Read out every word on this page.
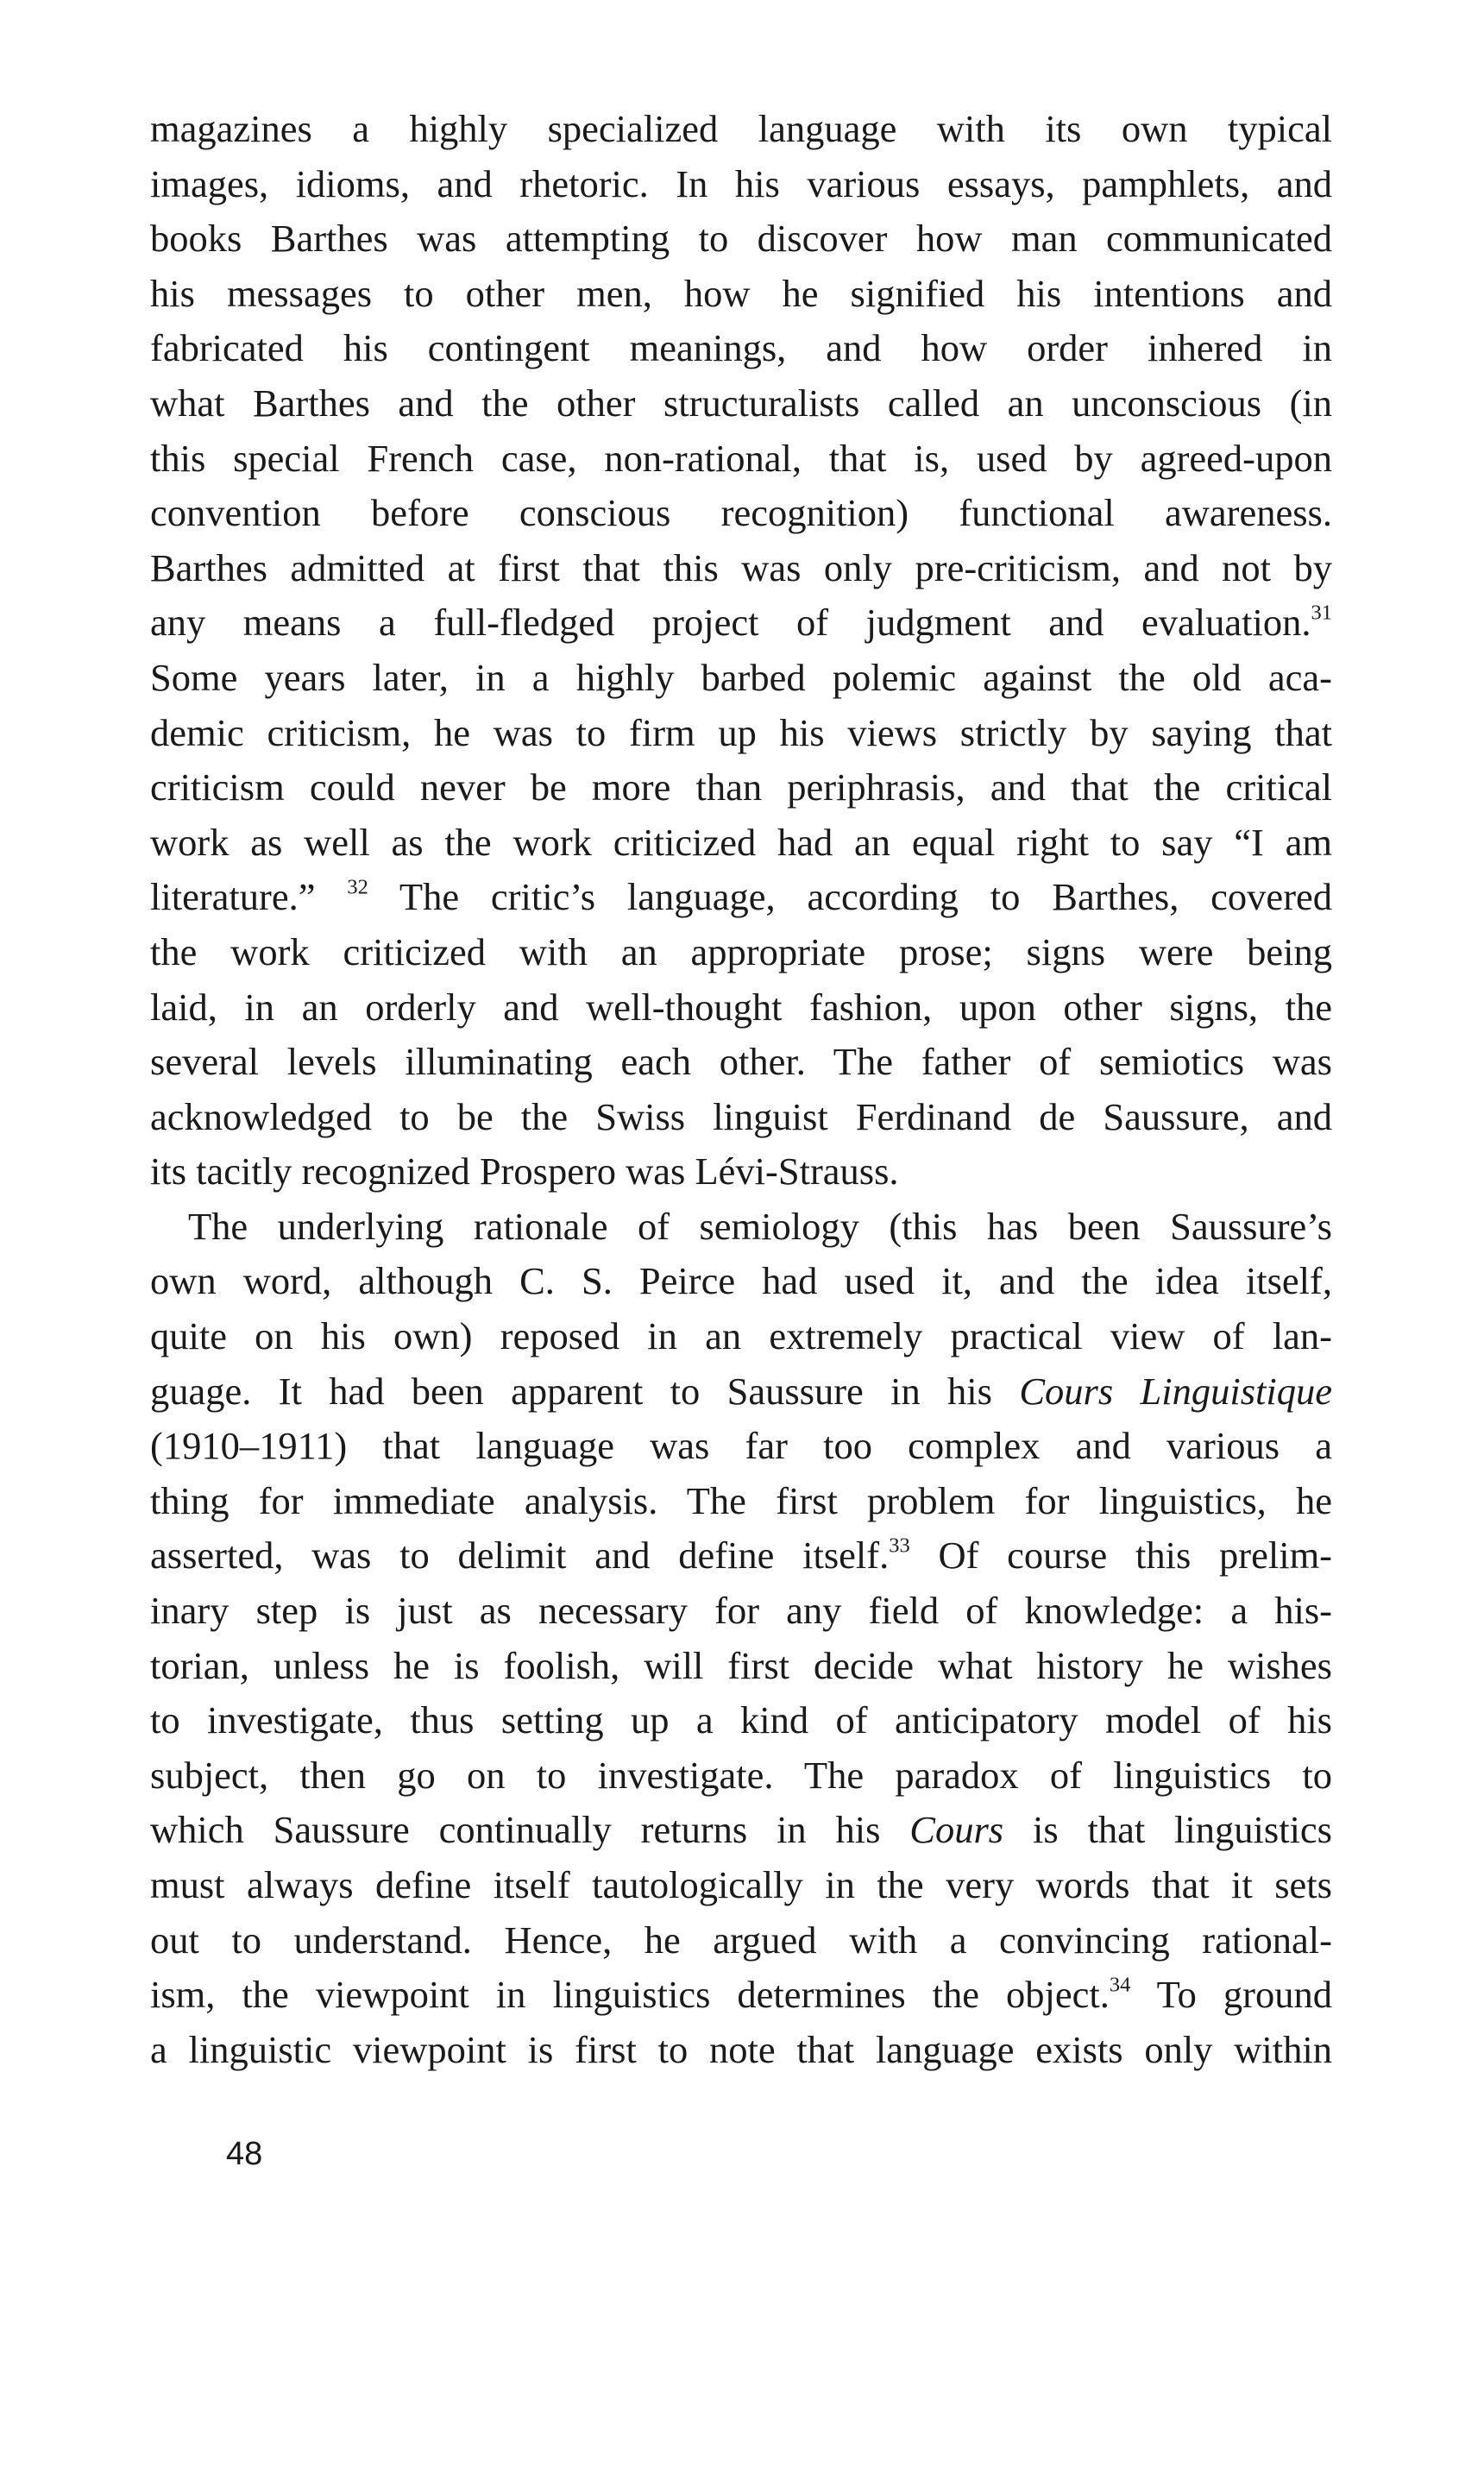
magazines a highly specialized language with its own typical
images, idioms, and rhetoric. In his various essays, pamphlets, and
books Barthes was attempting to discover how man communicated
his messages to other men, how he signified his intentions and
fabricated his contingent meanings, and how order inhered in
what Barthes and the other structuralists called an unconscious (in
this special French case, non-rational, that is, used by agreed-upon
convention before conscious recognition) functional awareness.
Barthes admitted at first that this was only pre-criticism, and not by
any means a full-fledged project of judgment and evaluation.$^{31}$
Some years later, in a highly barbed polemic against the old aca-
demic criticism, he was to firm up his views strictly by saying that
criticism could never be more than periphrasis, and that the critical
work as well as the work criticized had an equal right to say “I am
literature.” $^{32}$ The critic’s language, according to Barthes, covered
the work criticized with an appropriate prose; signs were being
laid, in an orderly and well-thought fashion, upon other signs, the
several levels illuminating each other. The father of semiotics was
acknowledged to be the Swiss linguist Ferdinand de Saussure, and
its tacitly recognized Prospero was Lévi-Strauss.
The underlying rationale of semiology (this has been Saussure’s
own word, although C. S. Peirce had used it, and the idea itself,
quite on his own) reposed in an extremely practical view of lan-
guage. It had been apparent to Saussure in his Cours Linguistique
(1910–1911) that language was far too complex and various a
thing for immediate analysis. The first problem for linguistics, he
asserted, was to delimit and define itself.$^{33}$ Of course this prelim-
inary step is just as necessary for any field of knowledge: a his-
torian, unless he is foolish, will first decide what history he wishes
to investigate, thus setting up a kind of anticipatory model of his
subject, then go on to investigate. The paradox of linguistics to
which Saussure continually returns in his Cours is that linguistics
must always define itself tautologically in the very words that it sets
out to understand. Hence, he argued with a convincing rational-
ism, the viewpoint in linguistics determines the object.$^{34}$ To ground
a linguistic viewpoint is first to note that language exists only within
48
